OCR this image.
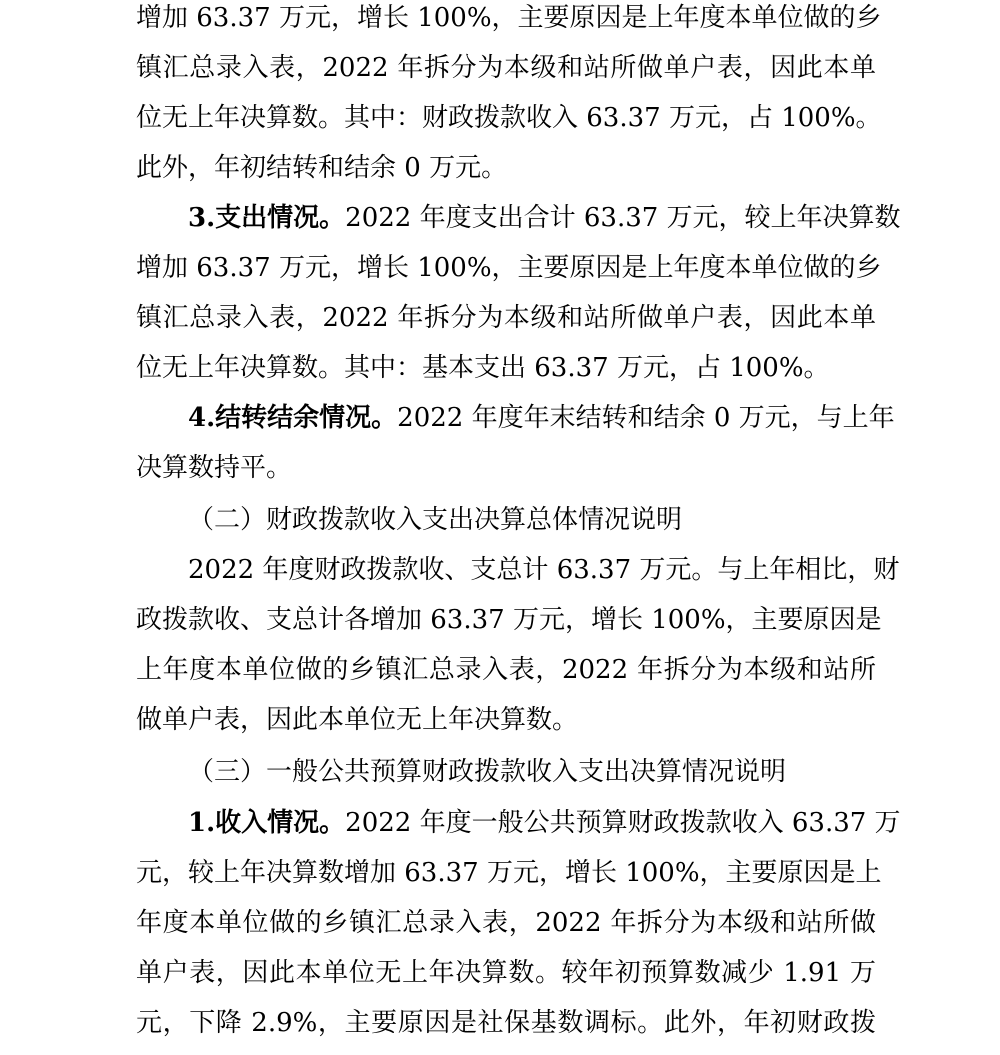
增加 63.37 万元，增长 100%，主要原因是上年度本单位做的乡
镇汇总录入表，2022 年拆分为本级和站所做单户表，因此本单
位无上年决算数。其中：财政拨款收入 63.37 万元，占 100%。
此外，年初结转和结余 0 万元。
3.支出情况。2022 年度支出合计 63.37 万元，较上年决算数
增加 63.37 万元，增长 100%，主要原因是上年度本单位做的乡
镇汇总录入表，2022 年拆分为本级和站所做单户表，因此本单
位无上年决算数。其中：基本支出 63.37 万元，占 100%。
4.结转结余情况。2022 年度年末结转和结余 0 万元，与上年
决算数持平。
（二）财政拨款收入支出决算总体情况说明
2022 年度财政拨款收、支总计 63.37 万元。与上年相比，财
政拨款收、支总计各增加 63.37 万元，增长 100%，主要原因是
上年度本单位做的乡镇汇总录入表，2022 年拆分为本级和站所
做单户表，因此本单位无上年决算数。
（三）一般公共预算财政拨款收入支出决算情况说明
1.收入情况。2022 年度一般公共预算财政拨款收入 63.37 万
元，较上年决算数增加 63.37 万元，增长 100%，主要原因是上
年度本单位做的乡镇汇总录入表，2022 年拆分为本级和站所做
单户表，因此本单位无上年决算数。较年初预算数减少 1.91 万
元，下降 2.9%，主要原因是社保基数调标。此外，年初财政拨
